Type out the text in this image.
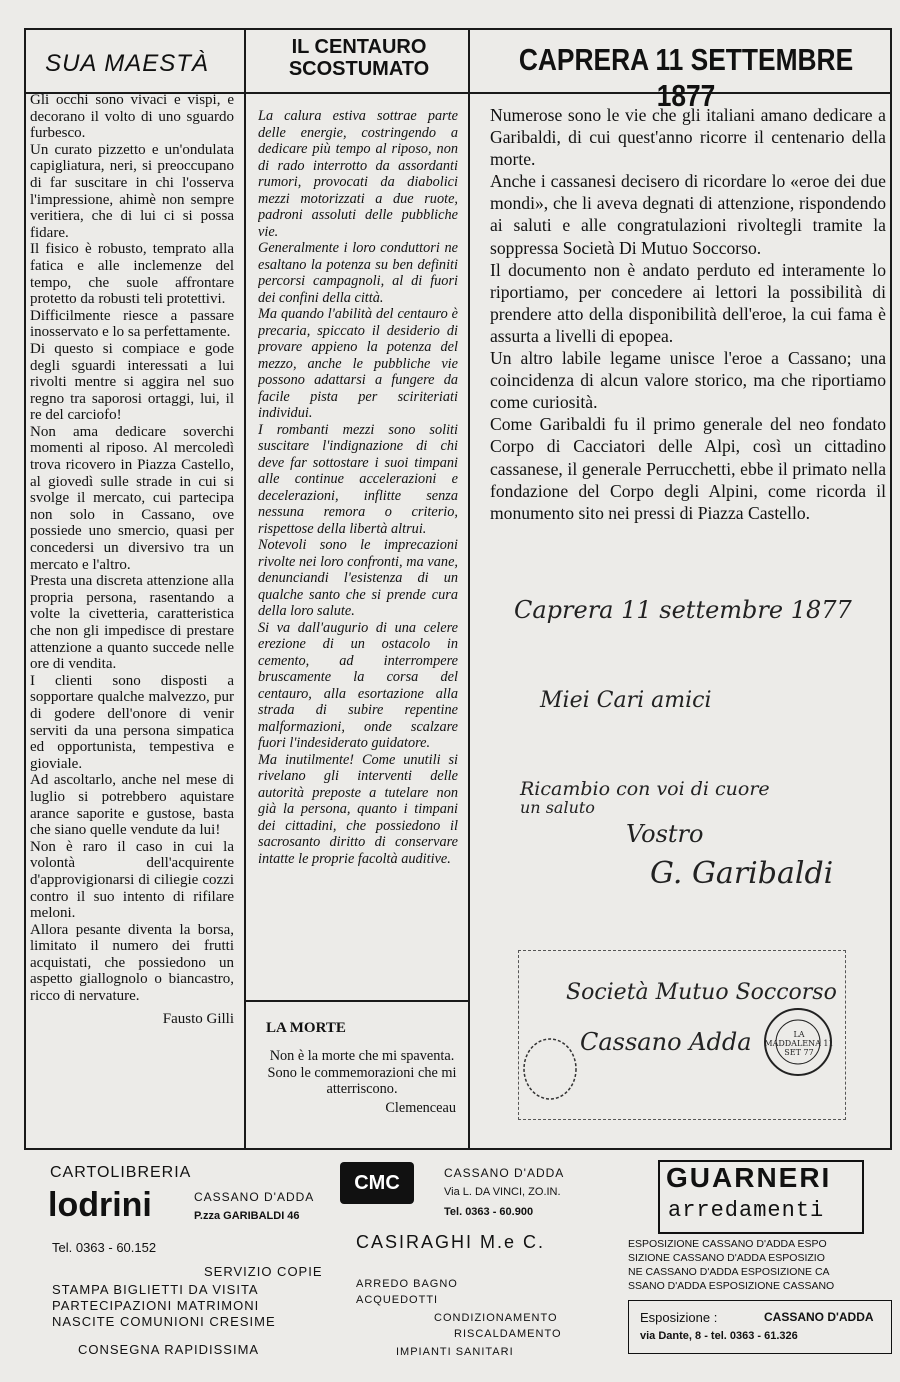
SUA MAESTÀ
IL CENTAURO SCOSTUMATO	CAPRERA 11 SETTEMBRE 1877

Gli occhi sono vivaci e vispi, e decorano il volto di uno sguardo furbesco.

Un curato pizzetto e un'ondulata capigliatura, neri, si preoccupano di far suscitare in chi l'osserva l'impressione, ahimè non sempre veritiera, che di lui ci si possa fidare.

Il fisico è robusto, temprato alla fatica e alle inclemenze del tempo, che suole affrontare protetto da robusti teli protettivi.

Difficilmente riesce a passare inosservato e lo sa perfettamente.

Di questo si compiace e gode degli sguardi interessati a lui rivolti mentre si aggira nel suo regno tra saporosi ortaggi, lui, il re del carciofo!

Non ama dedicare soverchi momenti al riposo. Al mercoledì trova ricovero in Piazza Castello, al giovedì sulle strade in cui si svolge il mercato, cui partecipa non solo in Cassano, ove possiede uno smercio, quasi per concedersi un diversivo tra un mercato e l'altro.

Presta una discreta attenzione alla propria persona, rasentando a volte la civetteria, caratteristica che non gli impedisce di prestare attenzione a quanto succede nelle ore di vendita.

I clienti sono disposti a sopportare qualche malvezzo, pur di godere dell'onore di venir serviti da una persona simpatica ed opportunista, tempestiva e gioviale.

Ad ascoltarlo, anche nel mese di luglio si potrebbero aquistare arance saporite e gustose, basta che siano quelle vendute da lui!

Non è raro il caso in cui la volontà dell'acquirente d'approvigionarsi di ciliegie cozzi contro il suo intento di rifilare meloni.

Allora pesante diventa la borsa, limitato il numero dei frutti acquistati, che possiedono un aspetto giallognolo o biancastro, ricco di nervature.

Fausto Gilli

La calura estiva sottrae parte delle energie, costringendo a dedicare più tempo al riposo, non di rado interrotto da assordanti rumori, provocati da diabolici mezzi motorizzati a due ruote, padroni assoluti delle pubbliche vie.

Generalmente i loro conduttori ne esaltano la potenza su ben definiti percorsi campagnoli, al di fuori dei confini della città.

Ma quando l'abilità del centauro è precaria, spiccato il desiderio di provare appieno la potenza del mezzo, anche le pubbliche vie possono adattarsi a fungere da facile pista per sciriteriati individui.

I rombanti mezzi sono soliti suscitare l'indignazione di chi deve far sottostare i suoi timpani alle continue accelerazioni e decelerazioni, inflitte senza nessuna remora o criterio, rispettose della libertà altrui.

Notevoli sono le imprecazioni rivolte nei loro confronti, ma vane, denunciandi l'esistenza di un qualche santo che si prende cura della loro salute.

Si va dall'augurio di una celere erezione di un ostacolo in cemento, ad interrompere bruscamente la corsa del centauro, alla esortazione alla strada di subire repentine malformazioni, onde scalzare fuori l'indesiderato guidatore.

Ma inutilmente! Come unutili si rivelano gli interventi delle autorità preposte a tutelare non già la persona, quanto i timpani dei cittadini, che possiedono il sacrosanto diritto di conservare intatte le proprie facoltà auditive.

LA MORTE
Non è la morte che mi spaventa. Sono le commemorazioni che mi atterriscono.
Clemenceau

Numerose sono le vie che gli italiani amano dedicare a Garibaldi, di cui quest'anno ricorre il centenario della morte.

Anche i cassanesi decisero di ricordare lo «eroe dei due mondi», che li aveva degnati di attenzione, rispondendo ai saluti e alle congratulazioni rivoltegli tramite la soppressa Società Di Mutuo Soccorso.

Il documento non è andato perduto ed interamente lo riportiamo, per concedere ai lettori la possibilità di prendere atto della disponibilità dell'eroe, la cui fama è assurta a livelli di epopea.

Un altro labile legame unisce l'eroe a Cassano; una coincidenza di alcun valore storico, ma che riportiamo come curiosità.

Come Garibaldi fu il primo generale del neo fondato Corpo di Cacciatori delle Alpi, così un cittadino cassanese, il generale Perrucchetti, ebbe il primato nella fondazione del Corpo degli Alpini, come ricorda il monumento sito nei pressi di Piazza Castello.

Caprera 11 settembre 1877
Miei Cari amici
Ricambio con voi di cuore
un saluto
Vostro
G. Garibaldi
Società Mutuo Soccorso
Cassano Adda	LA MADDALENA 11 SET 77
CARTOLIBRERIA
lodrini	CASSANO D'ADDA
P.zza GARIBALDI 46
Tel. 0363 - 60.152
SERVIZIO COPIE
STAMPA BIGLIETTI DA VISITA
PARTECIPAZIONI MATRIMONI
NASCITE COMUNIONI CRESIME
CONSEGNA RAPIDISSIMA
CMC	CASSANO D'ADDA
Via L. DA VINCI, ZO.IN.
Tel. 0363 - 60.900
CASIRAGHI M.e C.
ARREDO BAGNO
ACQUEDOTTI
CONDIZIONAMENTO
RISCALDAMENTO
IMPIANTI SANITARI
GUARNERI
arredamenti
ESPOSIZIONE CASSANO D'ADDA ESPO
SIZIONE CASSANO D'ADDA ESPOSIZIO
NE CASSANO D'ADDA ESPOSIZIONE CA
SSANO D'ADDA ESPOSIZIONE CASSANO
Esposizione :	CASSANO D'ADDA
via Dante, 8 - tel. 0363 - 61.326
